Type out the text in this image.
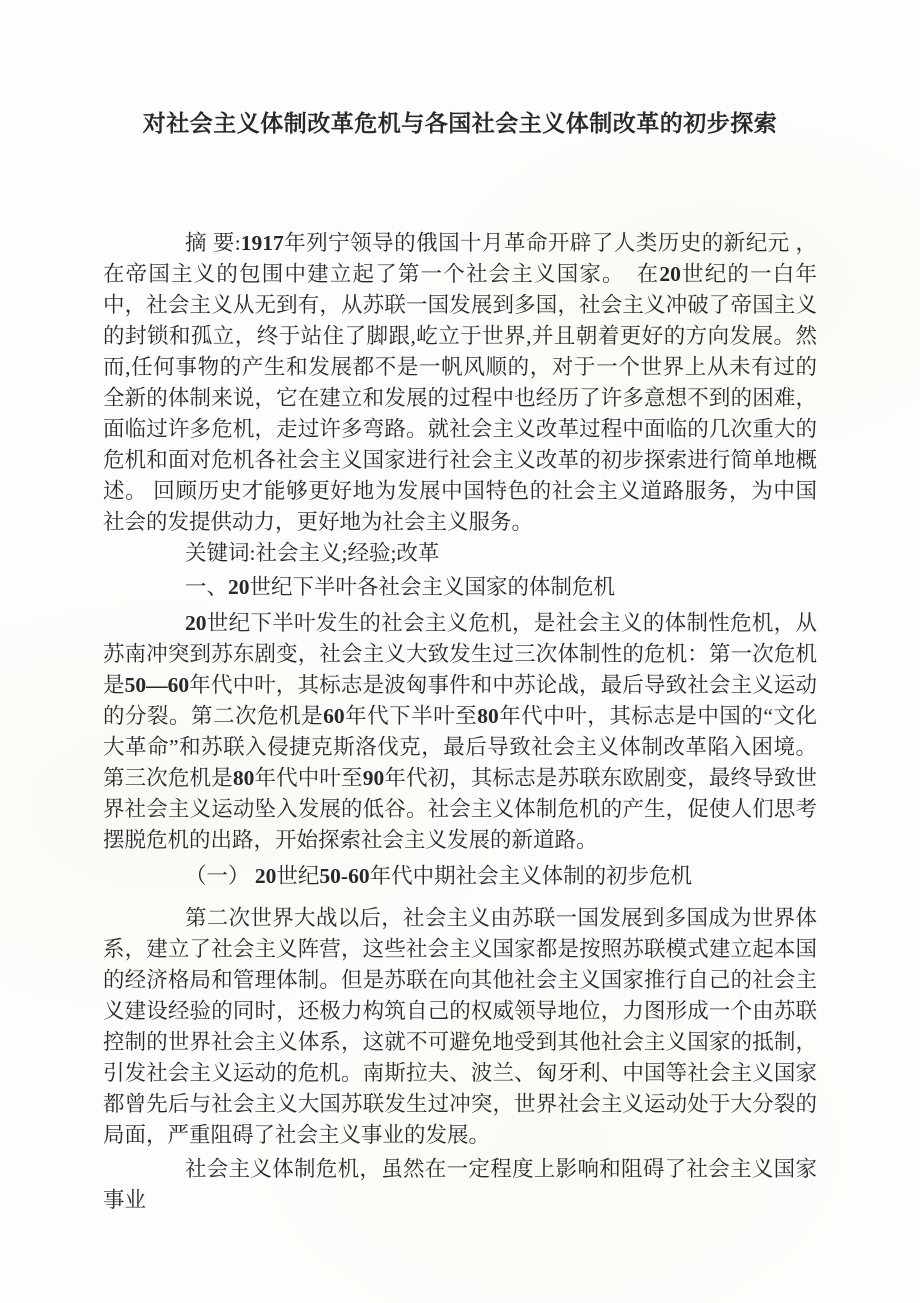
对社会主义体制改革危机与各国社会主义体制改革的初步探索

摘 要:1917年列宁领导的俄国十月革命开辟了人类历史的新纪元 ， 在帝国主义的包围中建立起了第一个社会主义国家。　在20世纪的一白年中，社会主义从无到有，从苏联一国发展到多国，社会主义冲破了帝国主义的封锁和孤立，终于站住了脚跟,屹立于世界,并且朝着更好的方向发展。然而,任何事物的产生和发展都不是一帆风顺的，对于一个世界上从未有过的全新的体制来说，它在建立和发展的过程中也经历了许多意想不到的困难，面临过许多危机，走过许多弯路。就社会主义改革过程中面临的几次重大的危机和面对危机各社会主义国家进行社会主义改革的初步探索进行简单地概述。 回顾历史才能够更好地为发展中国特色的社会主义道路服务，为中国社会的发提供动力，更好地为社会主义服务。

关键词:社会主义;经验;改革

一、20世纪下半叶各社会主义国家的体制危机

20世纪下半叶发生的社会主义危机，是社会主义的体制性危机，从苏南冲突到苏东剧变，社会主义大致发生过三次体制性的危机：第一次危机是50—60年代中叶，其标志是波匈事件和中苏论战，最后导致社会主义运动的分裂。第二次危机是60年代下半叶至80年代中叶，其标志是中国的“文化大革命”和苏联入侵捷克斯洛伐克，最后导致社会主义体制改革陷入困境。第三次危机是80年代中叶至90年代初，其标志是苏联东欧剧变，最终导致世界社会主义运动坠入发展的低谷。社会主义体制危机的产生，促使人们思考摆脱危机的出路，开始探索社会主义发展的新道路。

（一） 20世纪50-60年代中期社会主义体制的初步危机

第二次世界大战以后，社会主义由苏联一国发展到多国成为世界体系，建立了社会主义阵营，这些社会主义国家都是按照苏联模式建立起本国的经济格局和管理体制。但是苏联在向其他社会主义国家推行自己的社会主义建设经验的同时，还极力构筑自己的权威领导地位，力图形成一个由苏联控制的世界社会主义体系，这就不可避免地受到其他社会主义国家的抵制，引发社会主义运动的危机。南斯拉夫、波兰、匈牙利、中国等社会主义国家都曾先后与社会主义大国苏联发生过冲突，世界社会主义运动处于大分裂的局面，严重阻碍了社会主义事业的发展。

社会主义体制危机，虽然在一定程度上影响和阻碍了社会主义国家事业
